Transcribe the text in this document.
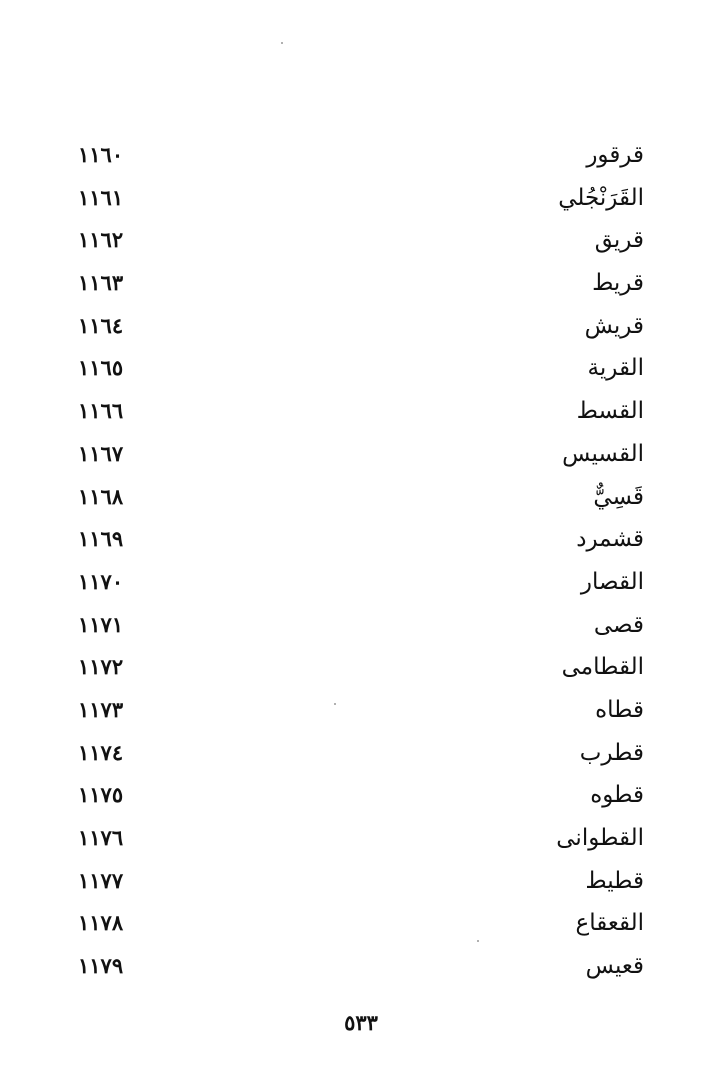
قرقور
١١٦٠
القَرَنْجُلي
١١٦١
قريق
١١٦٢
قريط
١١٦٣
قريش
١١٦٤
القرية
١١٦٥
القسط
١١٦٦
القسيس
١١٦٧
قَسِيٌّ
١١٦٨
قشمرد
١١٦٩
القصار
١١٧٠
قصى
١١٧١
القطامى
١١٧٢
قطاه
١١٧٣
قطرب
١١٧٤
قطوه
١١٧٥
القطوانى
١١٧٦
قطيط
١١٧٧
القعقاع
١١٧٨
قعيس
١١٧٩
٥٣٣
